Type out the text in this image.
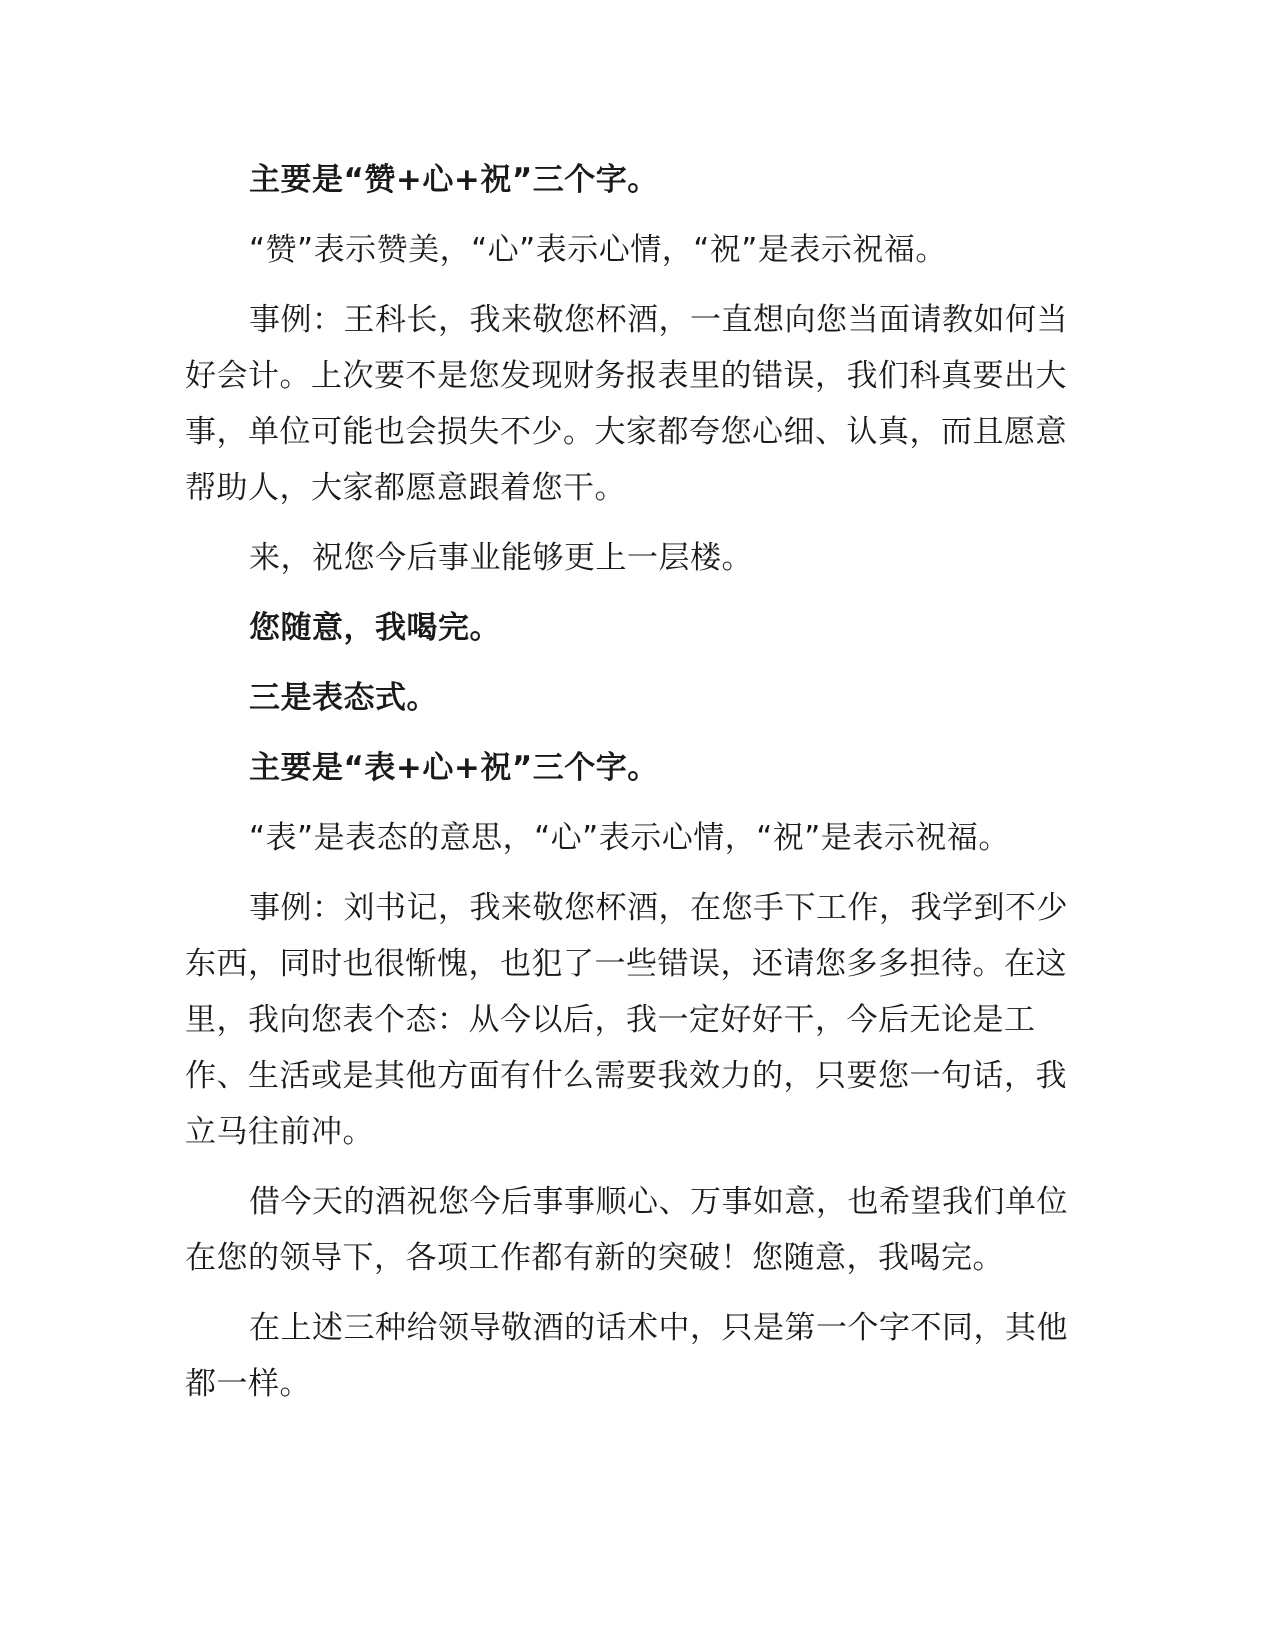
主要是“赞+心+祝”三个字。

“赞”表示赞美，“心”表示心情，“祝”是表示祝福。

事例：王科长，我来敬您杯酒，一直想向您当面请教如何当好会计。上次要不是您发现财务报表里的错误，我们科真要出大事，单位可能也会损失不少。大家都夸您心细、认真，而且愿意帮助人，大家都愿意跟着您干。

来，祝您今后事业能够更上一层楼。

您随意，我喝完。

三是表态式。

主要是“表+心+祝”三个字。

“表”是表态的意思，“心”表示心情，“祝”是表示祝福。

事例：刘书记，我来敬您杯酒，在您手下工作，我学到不少东西，同时也很惭愧，也犯了一些错误，还请您多多担待。在这里，我向您表个态：从今以后，我一定好好干，今后无论是工作、生活或是其他方面有什么需要我效力的，只要您一句话，我立马往前冲。

借今天的酒祝您今后事事顺心、万事如意，也希望我们单位在您的领导下，各项工作都有新的突破！您随意，我喝完。

在上述三种给领导敬酒的话术中，只是第一个字不同，其他都一样。
